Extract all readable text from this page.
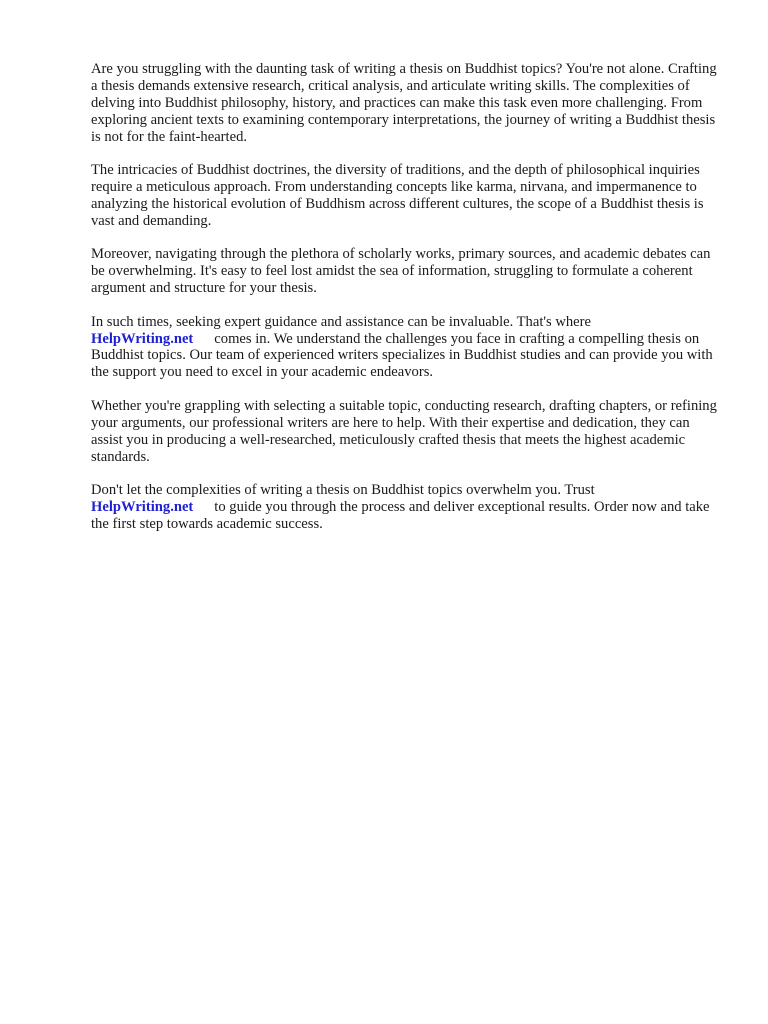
Are you struggling with the daunting task of writing a thesis on Buddhist topics? You're not alone. Crafting a thesis demands extensive research, critical analysis, and articulate writing skills. The complexities of delving into Buddhist philosophy, history, and practices can make this task even more challenging. From exploring ancient texts to examining contemporary interpretations, the journey of writing a Buddhist thesis is not for the faint-hearted.

The intricacies of Buddhist doctrines, the diversity of traditions, and the depth of philosophical inquiries require a meticulous approach. From understanding concepts like karma, nirvana, and impermanence to analyzing the historical evolution of Buddhism across different cultures, the scope of a Buddhist thesis is vast and demanding.

Moreover, navigating through the plethora of scholarly works, primary sources, and academic debates can be overwhelming. It's easy to feel lost amidst the sea of information, struggling to formulate a coherent argument and structure for your thesis.

In such times, seeking expert guidance and assistance can be invaluable. That's where
HelpWriting.net comes in. We understand the challenges you face in crafting a compelling thesis on Buddhist topics. Our team of experienced writers specializes in Buddhist studies and can provide you with the support you need to excel in your academic endeavors.

Whether you're grappling with selecting a suitable topic, conducting research, drafting chapters, or refining your arguments, our professional writers are here to help. With their expertise and dedication, they can assist you in producing a well-researched, meticulously crafted thesis that meets the highest academic standards.

Don't let the complexities of writing a thesis on Buddhist topics overwhelm you. Trust
HelpWriting.net to guide you through the process and deliver exceptional results. Order now and take the first step towards academic success.
